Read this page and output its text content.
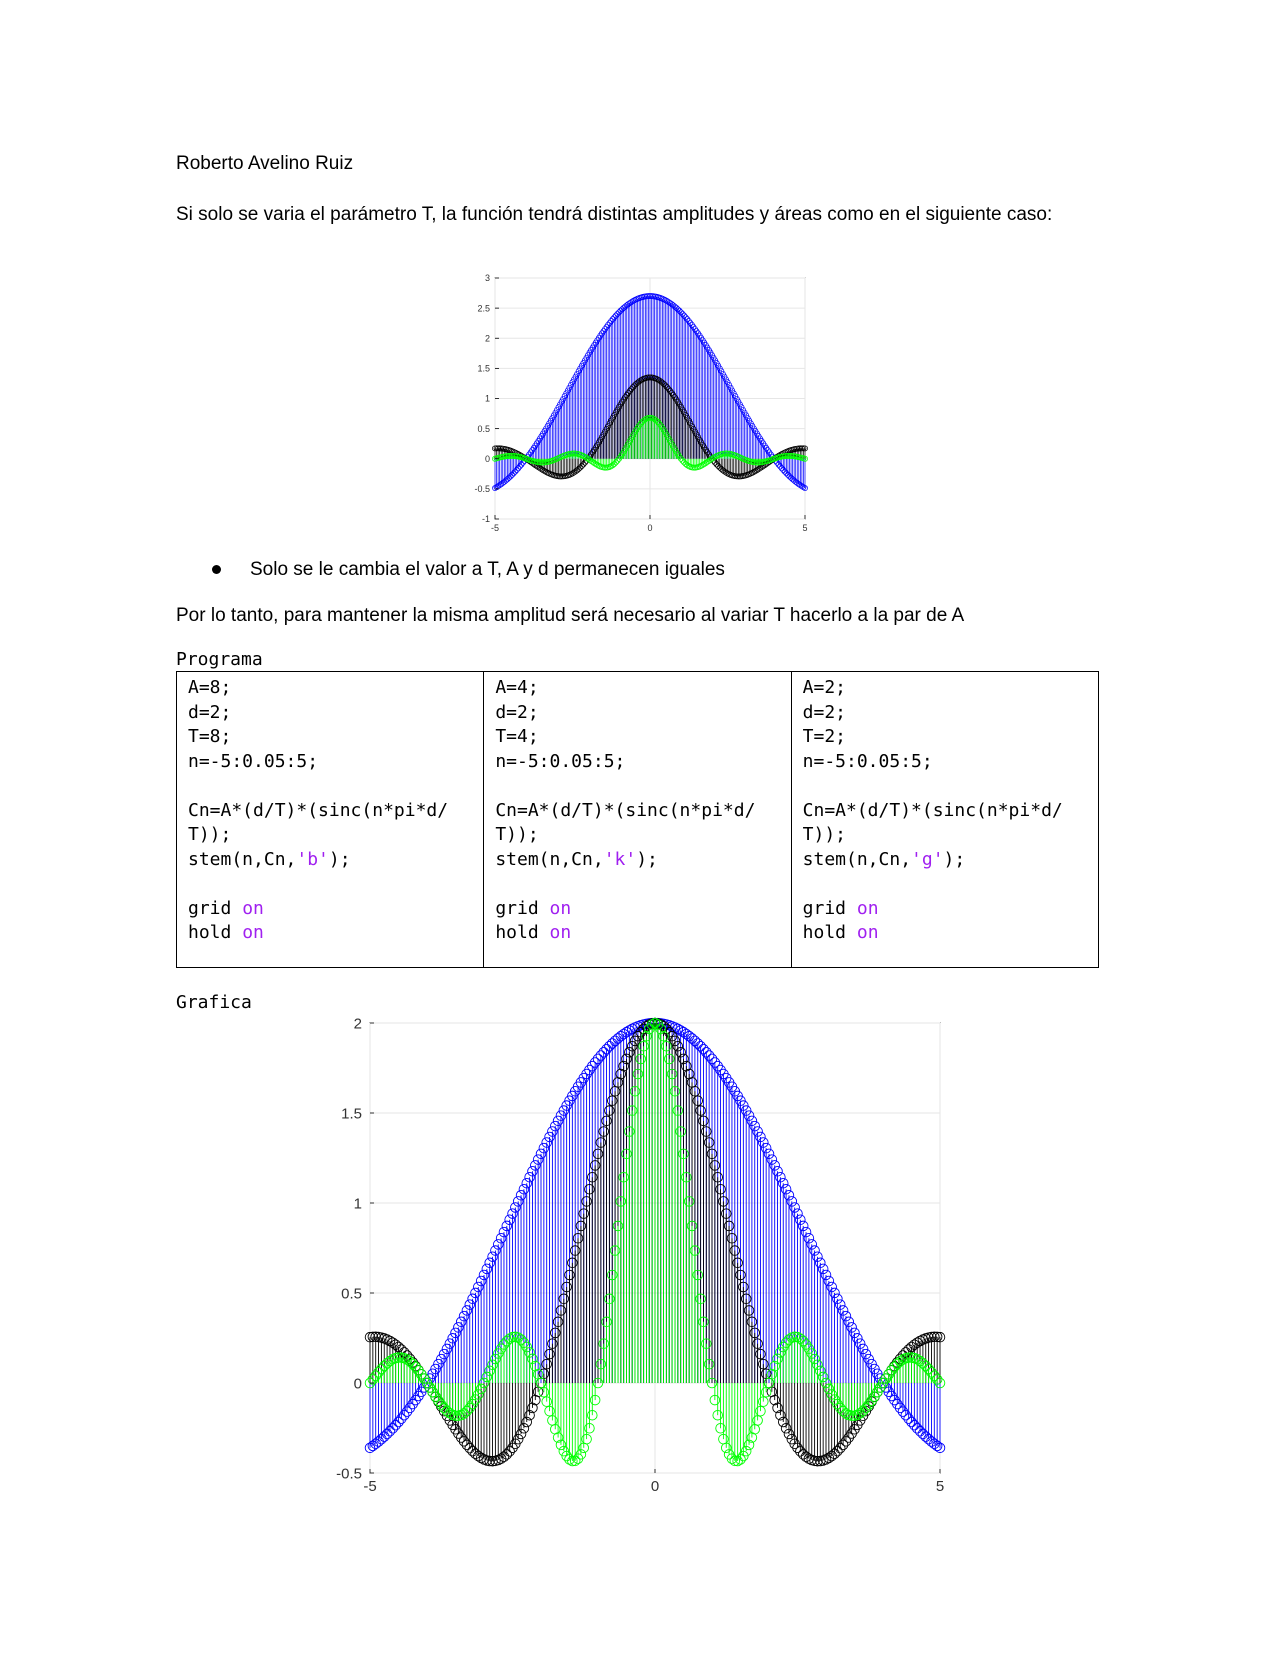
Roberto Avelino Ruiz
Si solo se varia el parámetro T, la función tendrá distintas amplitudes y áreas como en el siguiente caso:
-1
-0.5
0
0.5
1
1.5
2
2.5
3
-5	0	5
Solo se le cambia el valor a T, A y d permanecen iguales
Por lo tanto, para mantener la misma amplitud será necesario al variar T hacerlo a la par de A
Programa
A=8;
d=2;
T=8;
n=-5:0.05:5;
Cn=A*(d/T)*(sinc(n*pi*d/
T));
stem(n,Cn,'b');
grid on
hold on

A=4;
d=2;
T=4;
n=-5:0.05:5;
Cn=A*(d/T)*(sinc(n*pi*d/
T));
stem(n,Cn,'k');
grid on
hold on

A=2;
d=2;
T=2;
n=-5:0.05:5;
Cn=A*(d/T)*(sinc(n*pi*d/
T));
stem(n,Cn,'g');
grid on
hold on
Grafica
-0.5
0
0.5
1
1.5
2
-5	0	5
